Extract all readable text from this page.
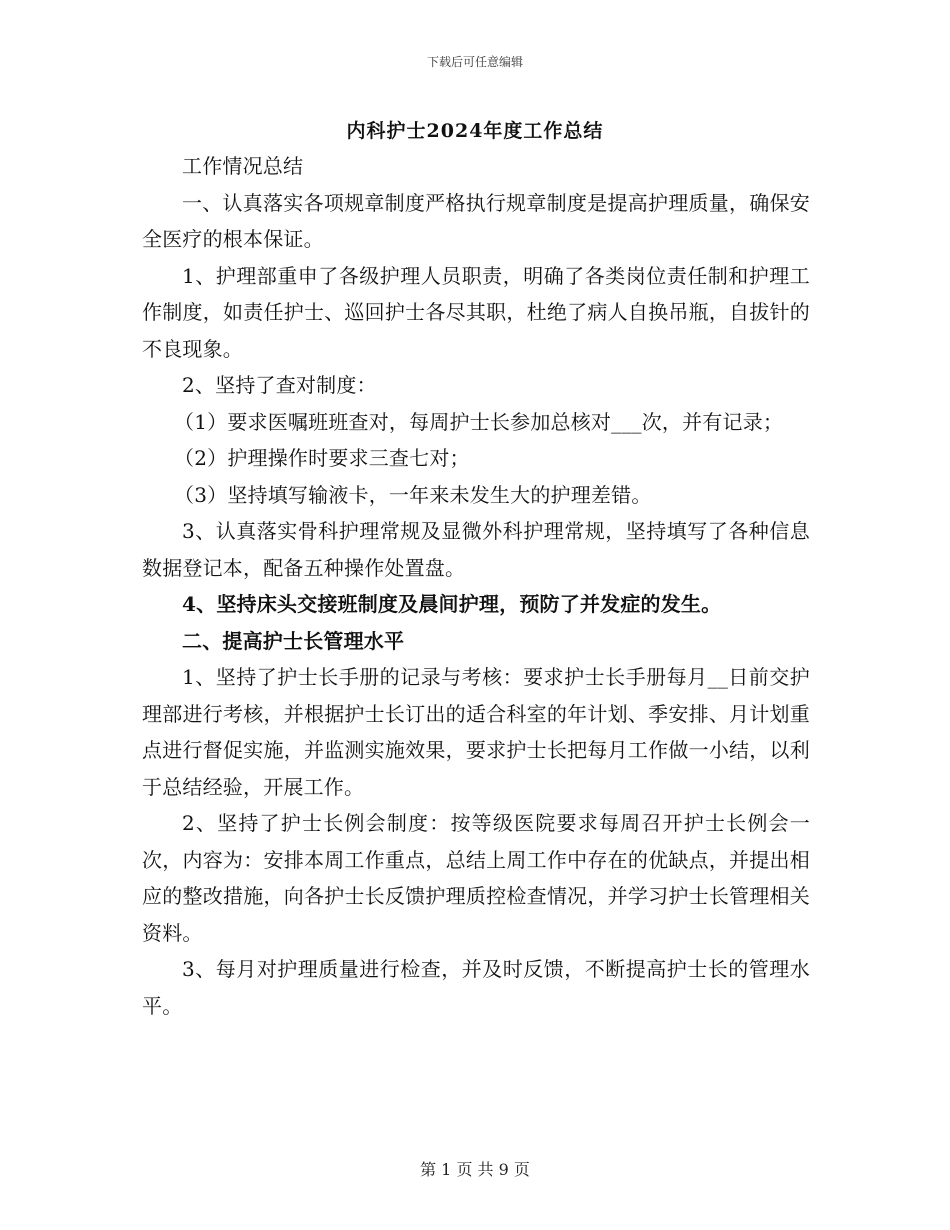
下载后可任意编辑
内科护士2024年度工作总结

工作情况总结

一、认真落实各项规章制度严格执行规章制度是提高护理质量，确保安全医疗的根本保证。

1、护理部重申了各级护理人员职责，明确了各类岗位责任制和护理工作制度，如责任护士、巡回护士各尽其职，杜绝了病人自换吊瓶，自拔针的不良现象。

2、坚持了查对制度：

（1）要求医嘱班班查对，每周护士长参加总核对___次，并有记录；

（2）护理操作时要求三查七对；

（3）坚持填写输液卡，一年来未发生大的护理差错。

3、认真落实骨科护理常规及显微外科护理常规，坚持填写了各种信息数据登记本，配备五种操作处置盘。

4、坚持床头交接班制度及晨间护理，预防了并发症的发生。

二、提高护士长管理水平

1、坚持了护士长手册的记录与考核：要求护士长手册每月__日前交护理部进行考核，并根据护士长订出的适合科室的年计划、季安排、月计划重点进行督促实施，并监测实施效果，要求护士长把每月工作做一小结，以利于总结经验，开展工作。

2、坚持了护士长例会制度：按等级医院要求每周召开护士长例会一次，内容为：安排本周工作重点，总结上周工作中存在的优缺点，并提出相应的整改措施，向各护士长反馈护理质控检查情况，并学习护士长管理相关资料。

3、每月对护理质量进行检查，并及时反馈，不断提高护士长的管理水平。

第 1 页 共 9 页
